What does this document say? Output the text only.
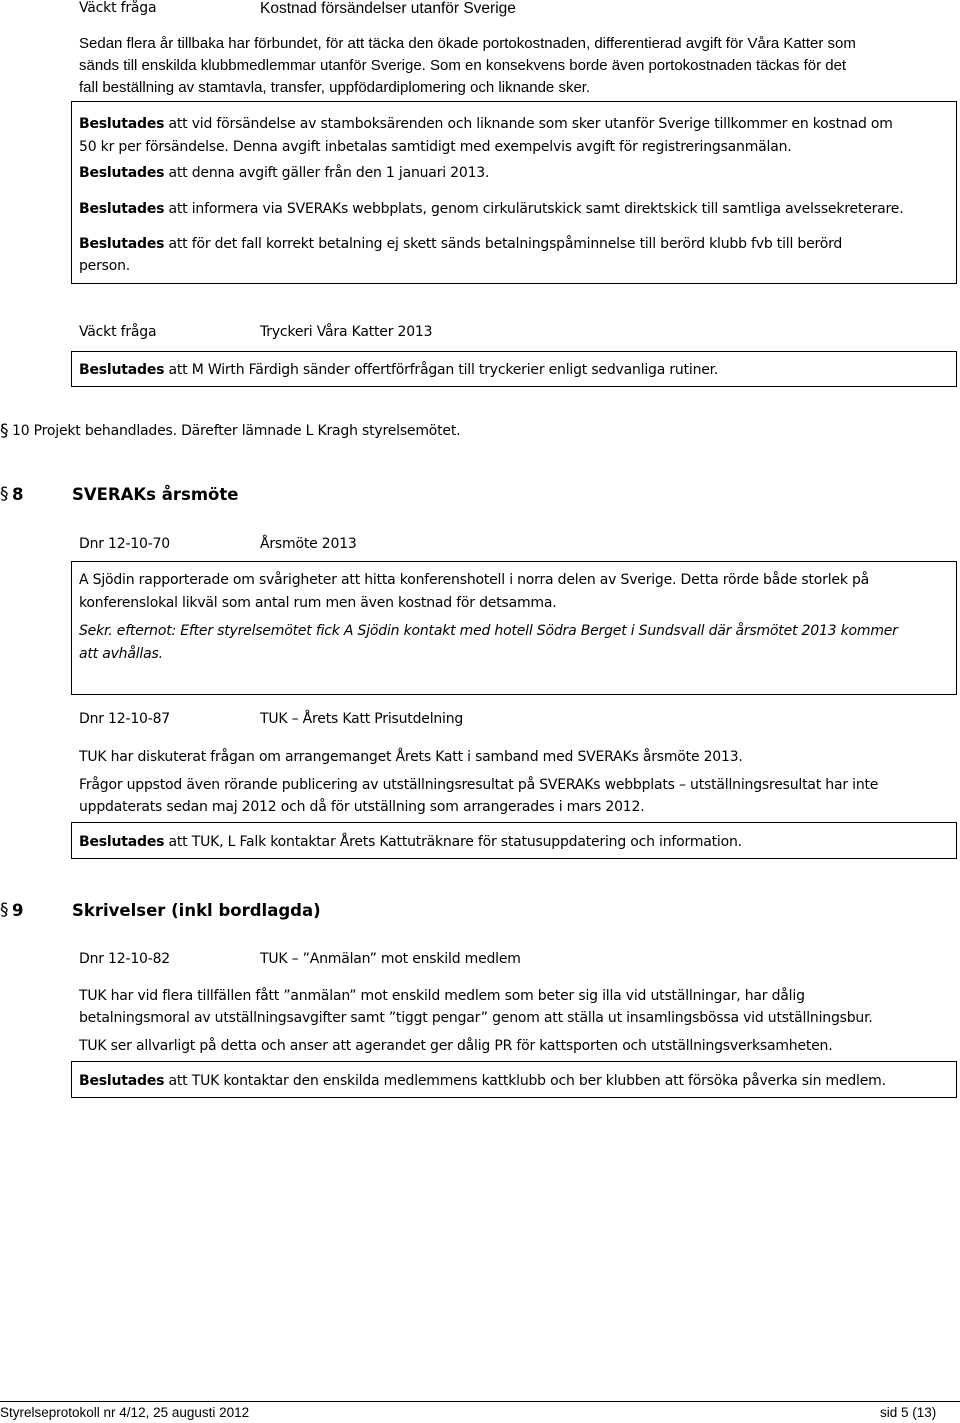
Väckt fråga	Kostnad försändelser utanför Sverige
Sedan flera år tillbaka har förbundet, för att täcka den ökade portokostnaden, differentierad avgift för Våra Katter som
sänds till enskilda klubbmedlemmar utanför Sverige. Som en konsekvens borde även portokostnaden täckas för det
fall beställning av stamtavla, transfer, uppfödardiplomering och liknande sker.
Beslutades att vid försändelse av stamboksärenden och liknande som sker utanför Sverige tillkommer en kostnad om
50 kr per försändelse. Denna avgift inbetalas samtidigt med exempelvis avgift för registreringsanmälan.
Beslutades att denna avgift gäller från den 1 januari 2013.
Beslutades att informera via SVERAKs webbplats, genom cirkulärutskick samt direktskick till samtliga avelssekreterare.
Beslutades att för det fall korrekt betalning ej skett sänds betalningspåminnelse till berörd klubb fvb till berörd
person.
Väckt fråga	Tryckeri Våra Katter 2013
Beslutades att M Wirth Färdigh sänder offertförfrågan till tryckerier enligt sedvanliga rutiner.
§ 10 Projekt behandlades. Därefter lämnade L Kragh styrelsemötet.
§ 8	SVERAKs årsmöte
Dnr 12-10-70	Årsmöte 2013
A Sjödin rapporterade om svårigheter att hitta konferenshotell i norra delen av Sverige. Detta rörde både storlek på
konferenslokal likväl som antal rum men även kostnad för detsamma.
Sekr. efternot: Efter styrelsemötet fick A Sjödin kontakt med hotell Södra Berget i Sundsvall där årsmötet 2013 kommer
att avhållas.
Dnr 12-10-87	TUK – Årets Katt Prisutdelning
TUK har diskuterat frågan om arrangemanget Årets Katt i samband med SVERAKs årsmöte 2013.
Frågor uppstod även rörande publicering av utställningsresultat på SVERAKs webbplats – utställningsresultat har inte
uppdaterats sedan maj 2012 och då för utställning som arrangerades i mars 2012.
Beslutades att TUK, L Falk kontaktar Årets Kattuträknare för statusuppdatering och information.
§ 9	Skrivelser (inkl bordlagda)
Dnr 12-10-82	TUK – ”Anmälan” mot enskild medlem
TUK har vid flera tillfällen fått ”anmälan” mot enskild medlem som beter sig illa vid utställningar, har dålig
betalningsmoral av utställningsavgifter samt ”tiggt pengar” genom att ställa ut insamlingsbössa vid utställningsbur.
TUK ser allvarligt på detta och anser att agerandet ger dålig PR för kattsporten och utställningsverksamheten.
Beslutades att TUK kontaktar den enskilda medlemmens kattklubb och ber klubben att försöka påverka sin medlem.
Styrelseprotokoll nr 4/12, 25 augusti 2012	sid 5 (13)
